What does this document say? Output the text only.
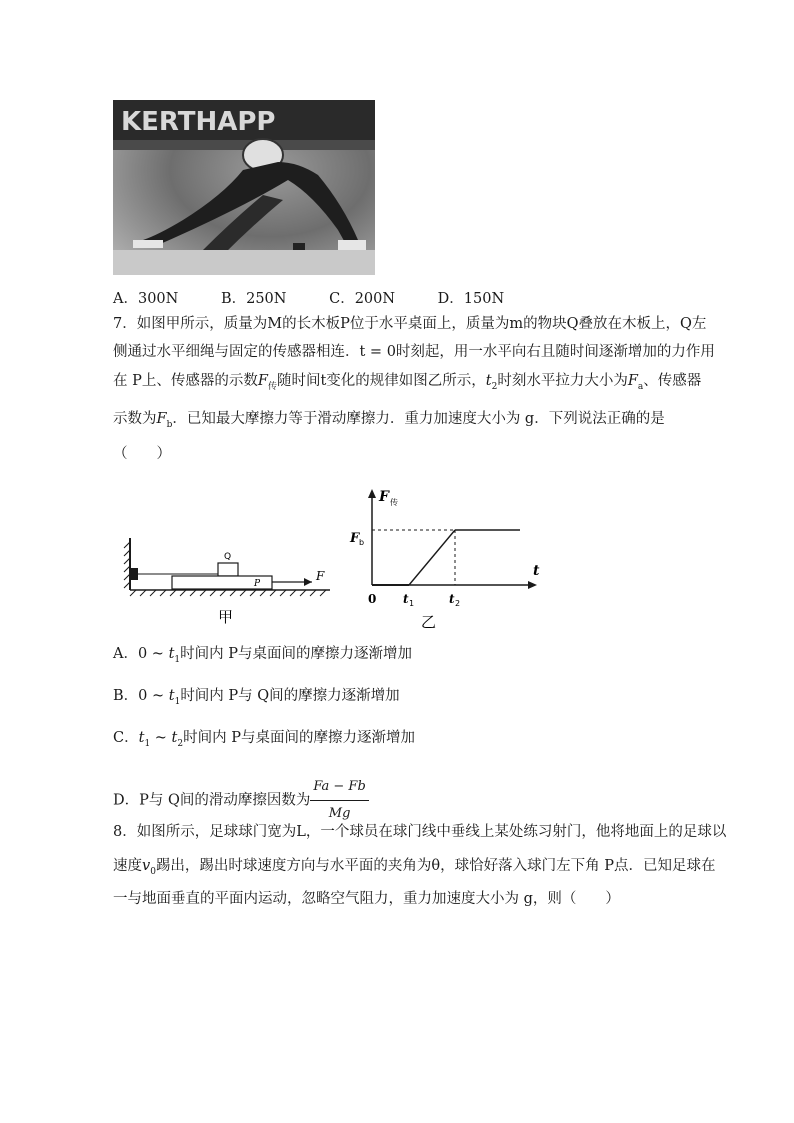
KERTHAPP
A．300N	B．250N	C．200N	D．150N
7．如图甲所示，质量为M的长木板P位于水平桌面上，质量为m的物块Q叠放在木板上，Q左
侧通过水平细绳与固定的传感器相连．t = 0时刻起，用一水平向右且随时间逐渐增加的力作用
在 P上、传感器的示数$F_传$随时间t变化的规律如图乙所示，$t_2$时刻水平拉力大小为$F_a$、传感器
示数为$F_b$．已知最大摩擦力等于滑动摩擦力．重力加速度大小为 g．下列说法正确的是
（　　）
Q
P
F
甲
F 传
t
F b
0 t 1	t 2
乙
A．0 ~ $t_1$时间内 P与桌面间的摩擦力逐渐增加
B．0 ~ $t_1$时间内 P与 Q间的摩擦力逐渐增加
C．$t_1$ ~ $t_2$时间内 P与桌面间的摩擦力逐渐增加
D．P与 Q间的滑动摩擦因数为 $\frac{Fa - Fb}{Mg}$
8．如图所示，足球球门宽为L，一个球员在球门线中垂线上某处练习射门，他将地面上的足球以
速度$v_0$踢出，踢出时球速度方向与水平面的夹角为θ，球恰好落入球门左下角 P点．已知足球在
一与地面垂直的平面内运动，忽略空气阻力，重力加速度大小为 g，则（　　）
